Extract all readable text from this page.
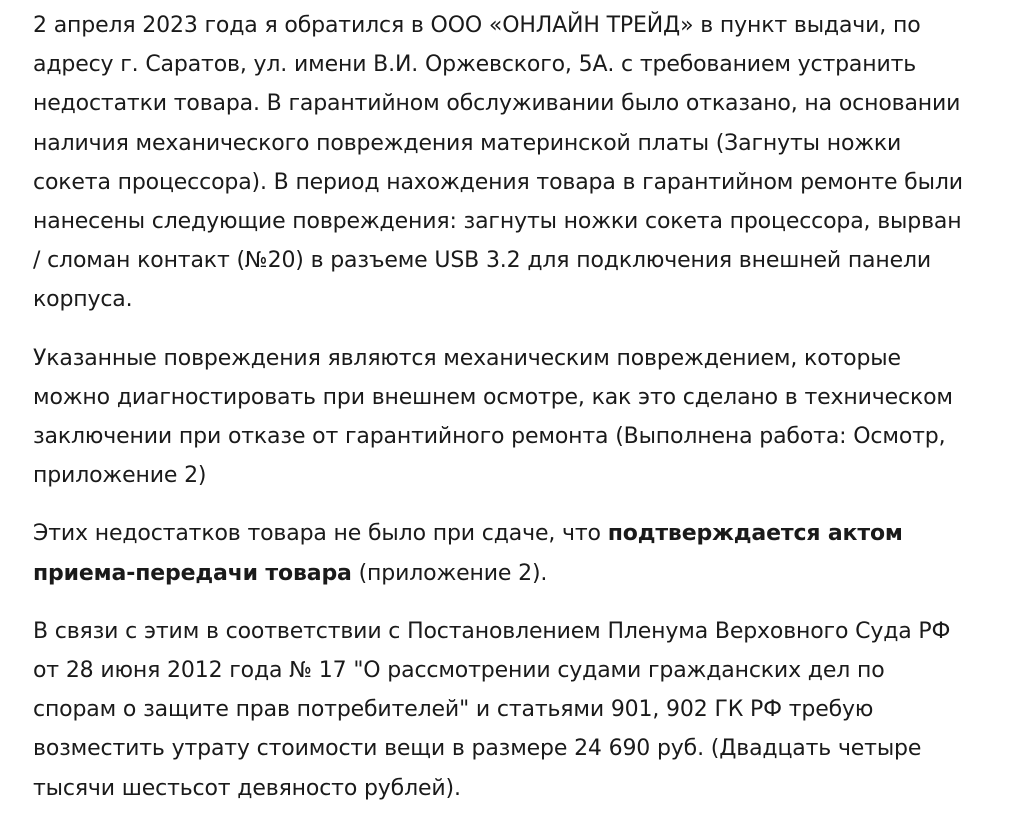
2 апреля 2023 года я обратился в ООО «ОНЛАЙН ТРЕЙД» в пункт выдачи, по адресу г. Саратов, ул. имени В.И. Оржевского, 5А. с требованием устранить недостатки товара. В гарантийном обслуживании было отказано, на основании наличия механического повреждения материнской платы (Загнуты ножки сокета процессора). В период нахождения товара в гарантийном ремонте были нанесены следующие повреждения: загнуты ножки сокета процессора, вырван / сломан контакт (№20) в разъеме USB 3.2 для подключения внешней панели корпуса.

Указанные повреждения являются механическим повреждением, которые можно диагностировать при внешнем осмотре, как это сделано в техническом заключении при отказе от гарантийного ремонта (Выполнена работа: Осмотр, приложение 2)

Этих недостатков товара не было при сдаче, что подтверждается актом приема-передачи товара (приложение 2).

В связи с этим в соответствии с Постановлением Пленума Верховного Суда РФ от 28 июня 2012 года № 17 "О рассмотрении судами гражданских дел по спорам о защите прав потребителей" и статьями 901, 902 ГК РФ требую возместить утрату стоимости вещи в размере 24 690 руб. (Двадцать четыре тысячи шестьсот девяносто рублей).
